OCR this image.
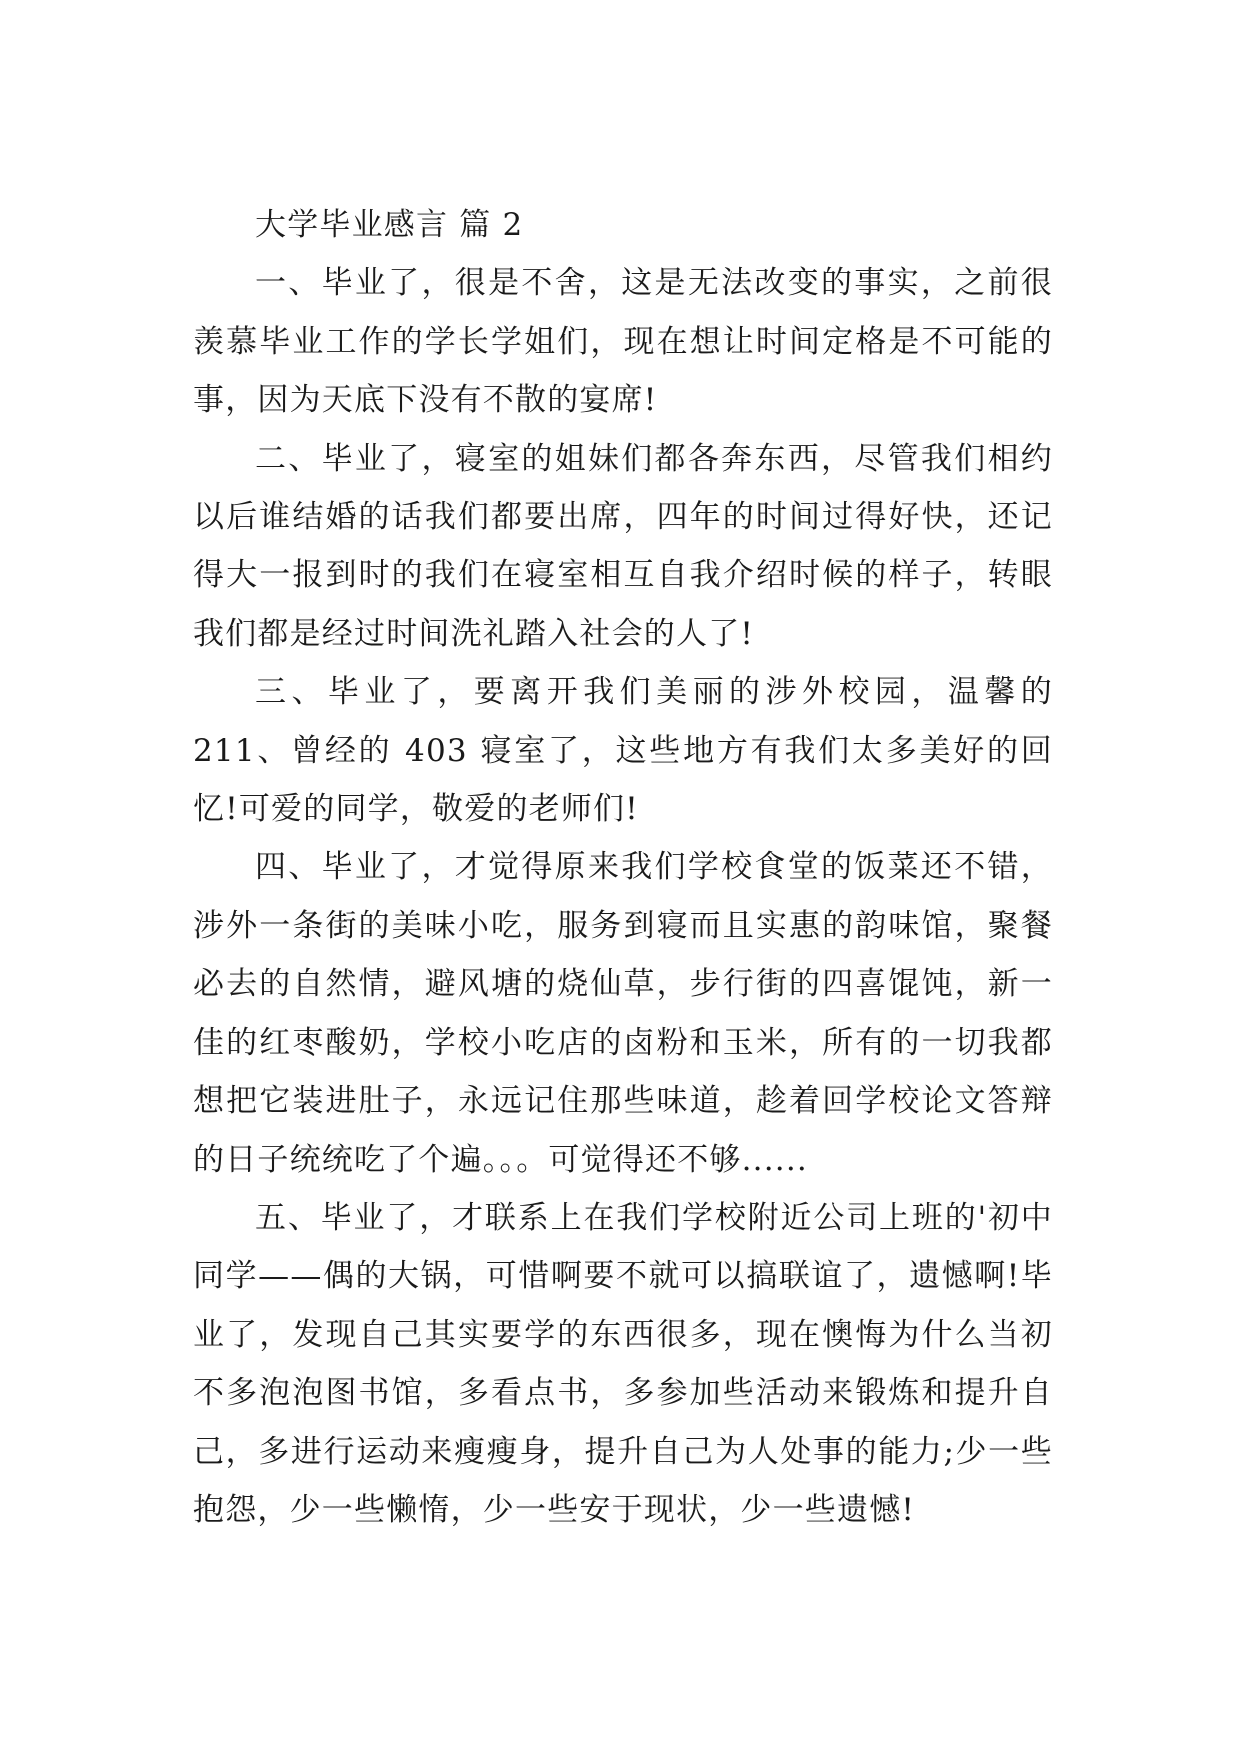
大学毕业感言 篇 2

一、毕业了，很是不舍，这是无法改变的事实，之前很羡慕毕业工作的学长学姐们，现在想让时间定格是不可能的事，因为天底下没有不散的宴席!

二、毕业了，寝室的姐妹们都各奔东西，尽管我们相约以后谁结婚的话我们都要出席，四年的时间过得好快，还记得大一报到时的我们在寝室相互自我介绍时候的样子，转眼我们都是经过时间洗礼踏入社会的人了!

三、毕业了，要离开我们美丽的涉外校园，温馨的 211、曾经的 403 寝室了，这些地方有我们太多美好的回忆!可爱的同学，敬爱的老师们!

四、毕业了，才觉得原来我们学校食堂的饭菜还不错，涉外一条街的美味小吃，服务到寝而且实惠的韵味馆，聚餐必去的自然情，避风塘的烧仙草，步行街的四喜馄饨，新一佳的红枣酸奶，学校小吃店的卤粉和玉米，所有的一切我都想把它装进肚子，永远记住那些味道，趁着回学校论文答辩的日子统统吃了个遍。。。可觉得还不够......

五、毕业了，才联系上在我们学校附近公司上班的'初中同学——偶的大锅，可惜啊要不就可以搞联谊了，遗憾啊!毕业了，发现自己其实要学的东西很多，现在懊悔为什么当初不多泡泡图书馆，多看点书，多参加些活动来锻炼和提升自己，多进行运动来瘦瘦身，提升自己为人处事的能力;少一些抱怨，少一些懒惰，少一些安于现状，少一些遗憾!
